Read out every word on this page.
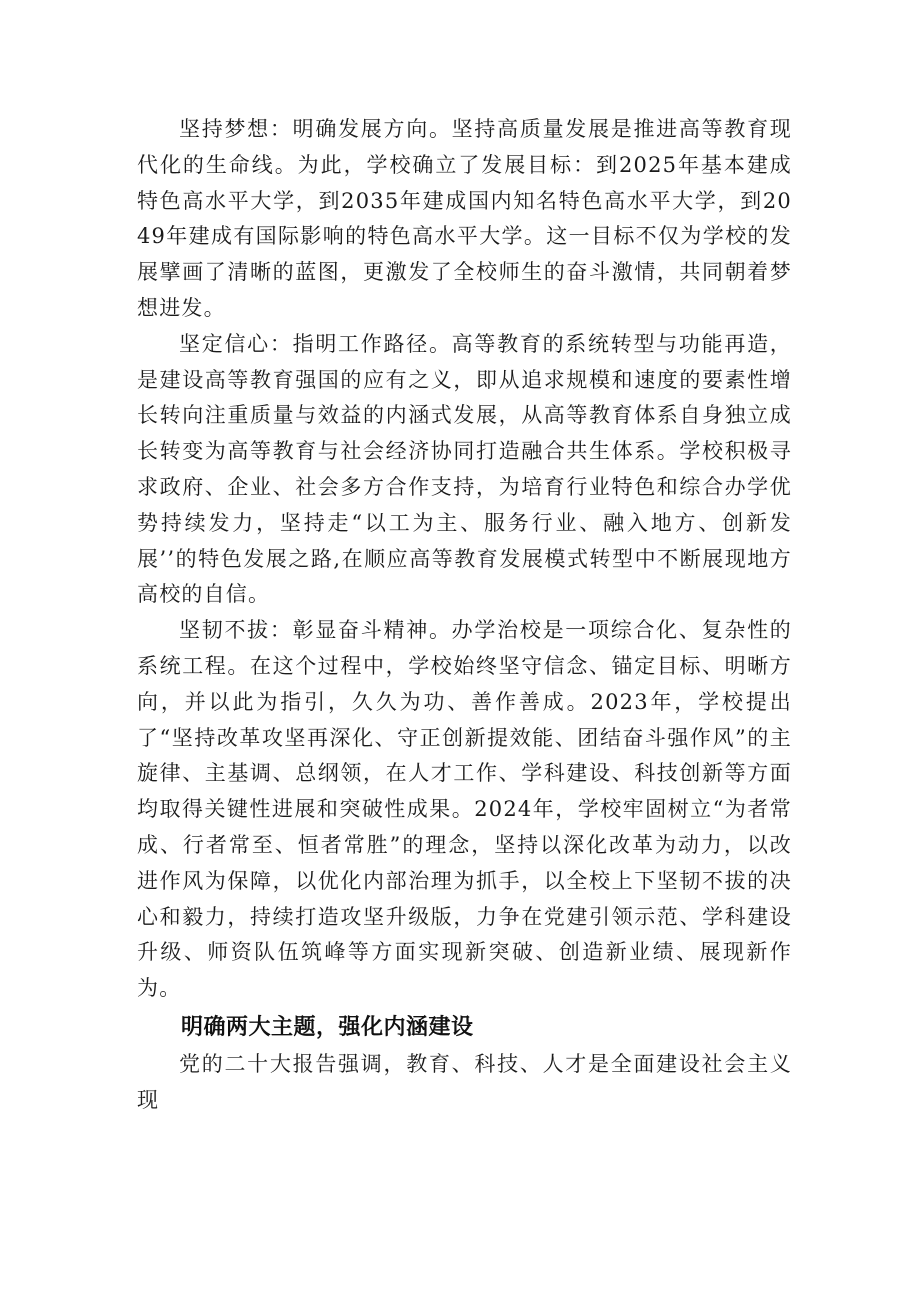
坚持梦想：明确发展方向。坚持高质量发展是推进高等教育现代化的生命线。为此，学校确立了发展目标：到2025年基本建成特色高水平大学，到2035年建成国内知名特色高水平大学，到2049年建成有国际影响的特色高水平大学。这一目标不仅为学校的发展擘画了清晰的蓝图，更激发了全校师生的奋斗激情，共同朝着梦想进发。

坚定信心：指明工作路径。高等教育的系统转型与功能再造，是建设高等教育强国的应有之义，即从追求规模和速度的要素性增长转向注重质量与效益的内涵式发展，从高等教育体系自身独立成长转变为高等教育与社会经济协同打造融合共生体系。学校积极寻求政府、企业、社会多方合作支持，为培育行业特色和综合办学优势持续发力，坚持走“以工为主、服务行业、融入地方、创新发展’’的特色发展之路,在顺应高等教育发展模式转型中不断展现地方高校的自信。

坚韧不拔：彰显奋斗精神。办学治校是一项综合化、复杂性的系统工程。在这个过程中，学校始终坚守信念、锚定目标、明晰方向，并以此为指引，久久为功、善作善成。2023年，学校提出了“坚持改革攻坚再深化、守正创新提效能、团结奋斗强作风”的主旋律、主基调、总纲领，在人才工作、学科建设、科技创新等方面均取得关键性进展和突破性成果。2024年，学校牢固树立“为者常成、行者常至、恒者常胜”的理念，坚持以深化改革为动力，以改进作风为保障，以优化内部治理为抓手，以全校上下坚韧不拔的决心和毅力，持续打造攻坚升级版，力争在党建引领示范、学科建设升级、师资队伍筑峰等方面实现新突破、创造新业绩、展现新作为。

明确两大主题，强化内涵建设

党的二十大报告强调，教育、科技、人才是全面建设社会主义现
